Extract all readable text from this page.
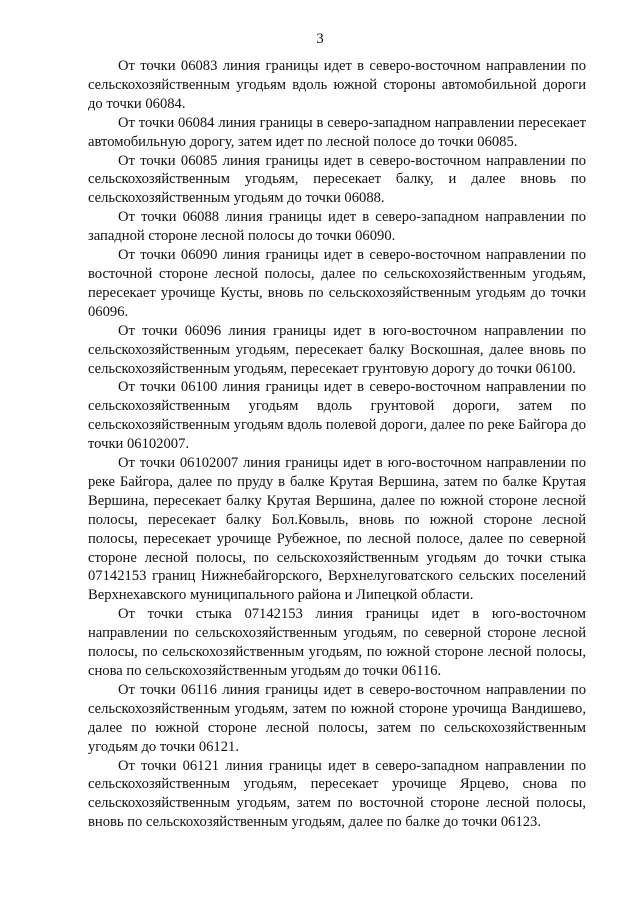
3

От точки 06083 линия границы идет в северо-восточном направлении по сельскохозяйственным угодьям вдоль южной стороны автомобильной дороги до точки 06084.

От точки 06084 линия границы в северо-западном направлении пересекает автомобильную дорогу, затем идет по лесной полосе до точки 06085.

От точки 06085 линия границы идет в северо-восточном направлении по сельскохозяйственным угодьям, пересекает балку, и далее вновь по сельскохозяйственным угодьям до точки 06088.

От точки 06088 линия границы идет в северо-западном направлении по западной стороне лесной полосы до точки 06090.

От точки 06090 линия границы идет в северо-восточном направлении по восточной стороне лесной полосы, далее по сельскохозяйственным угодьям, пересекает урочище Кусты, вновь по сельскохозяйственным угодьям до точки 06096.

От точки 06096 линия границы идет в юго-восточном направлении по сельскохозяйственным угодьям, пересекает балку Воскошная, далее вновь по сельскохозяйственным угодьям, пересекает грунтовую дорогу до точки 06100.

От точки 06100 линия границы идет в северо-восточном направлении по сельскохозяйственным угодьям вдоль грунтовой дороги, затем по сельскохозяйственным угодьям вдоль полевой дороги, далее по реке Байгора до точки 06102007.

От точки 06102007 линия границы идет в юго-восточном направлении по реке Байгора, далее по пруду в балке Крутая Вершина, затем по балке Крутая Вершина, пересекает балку Крутая Вершина, далее по южной стороне лесной полосы, пересекает балку Бол.Ковыль, вновь по южной стороне лесной полосы, пересекает урочище Рубежное, по лесной полосе, далее по северной стороне лесной полосы, по сельскохозяйственным угодьям до точки стыка 07142153 границ Нижнебайгорского, Верхнелуговатского сельских поселений Верхнехавского муниципального района и Липецкой области.

От точки стыка 07142153 линия границы идет в юго-восточном направлении по сельскохозяйственным угодьям, по северной стороне лесной полосы, по сельскохозяйственным угодьям, по южной стороне лесной полосы, снова по сельскохозяйственным угодьям до точки 06116.

От точки 06116 линия границы идет в северо-восточном направлении по сельскохозяйственным угодьям, затем по южной стороне урочища Вандишево, далее по южной стороне лесной полосы, затем по сельскохозяйственным угодьям до точки 06121.

От точки 06121 линия границы идет в северо-западном направлении по сельскохозяйственным угодьям, пересекает урочище Ярцево, снова по сельскохозяйственным угодьям, затем по восточной стороне лесной полосы, вновь по сельскохозяйственным угодьям, далее по балке до точки 06123.
